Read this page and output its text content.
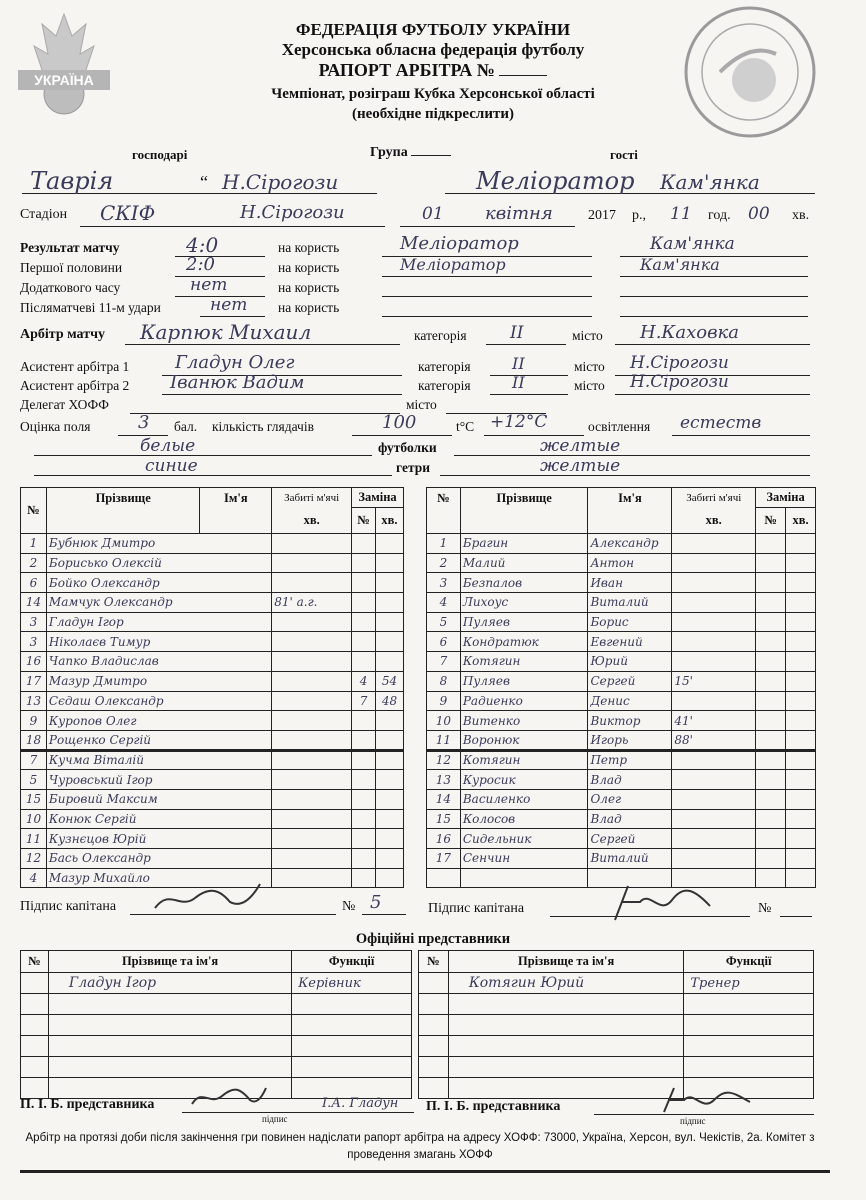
УКРАЇНА
ФЕДЕРАЦІЯ ФУТБОЛУ УКРАЇНИ
Херсонська обласна федерація футболу
РАПОРТ АРБІТРА №
Чемпіонат, розіграш Кубка Херсонської області
(необхідне підкреслити)
господарі	Група	гості
Таврія	“ Н.Сірогози	Меліоратор Кам'янка
Стадіон СКІФ	Н.Сірогози	01 квітня	2017 р., 11 год. 00 хв.
Результат матчу	4:0	на користь	Меліоратор	Кам'янка
Першої половини	2:0	на користь	Меліоратор	Кам'янка
Додаткового часу	нет	на користь
Післяматчеві 11-м удари	нет на користь
Арбітр матчу Карпюк Михаил	категорія	ІІ	місто Н.Каховка
Асистент арбітра 1	Гладун Олег	категорія	ІІ	місто Н.Сірогози
Асистент арбітра 2 Іванюк Вадим	категорія	ІІ	місто Н.Сірогози
Делегат ХОФФ	місто
Оцінка поля	3 бал. кількість глядачів	100	t°C +12°С	освітлення естеств
белые	футболки	желтые
синие	гетри	желтые
№	Прізвище	Ім'я	Забиті м'ячі	Заміна	
			хв.	№	хв.
1	Бубнюк Дмитро				
2	Борисько Олексій				
6	Бойко Олександр				
14	Мамчук Олександр		81' а.г.		
3	Гладун Ігор				
3	Ніколаєв Тимур				
16	Чапко Владислав				
17	Мазур Дмитро			4	54
13	Сєдаш Олександр			7	48
9	Куропов Олег				
18	Рощенко Сергій				
7	Кучма Віталій				
5	Чуровський Ігор				
15	Бировий Максим				
10	Конюк Сергій				
11	Кузнєцов Юрій				
12	Бась Олександр				
4	Мазур Михайло				
№	Прізвище	Ім'я	Забиті м'ячі	Заміна	
			хв.	№	хв.
1	Брагин	Александр			
2	Малий	Антон			
3	Безпалов	Иван			
4	Лихоус	Виталий			
5	Пуляев	Борис			
6	Кондратюк	Евгений			
7	Котягин	Юрий			
8	Пуляев	Сергей	15'		
9	Радиенко	Денис			
10	Витенко	Виктор	41'		
11	Воронюк	Игорь	88'		
12	Котягин	Петр			
13	Куросик	Влад			
14	Василенко	Олег			
15	Колосов	Влад			
16	Сидельник	Сергей			
17	Сенчин	Виталий			

Підпис капітана	№ 5	Підпис капітана	№
Офіційні представники
№	Прізвище та ім'я	Функції
	Гладун Ігор	Керівник

№	Прізвище та ім'я	Функції
	Котягин Юрий	Тренер

П. І. Б. представника	І.А. Гладун
підпис
П. І. Б. представника
підпис
Арбітр на протязі доби після закінчення гри повинен надіслати рапорт арбітра на адресу ХОФФ: 73000, Україна, Херсон, вул. Чекістів, 2а. Комітет з проведення змагань ХОФФ
